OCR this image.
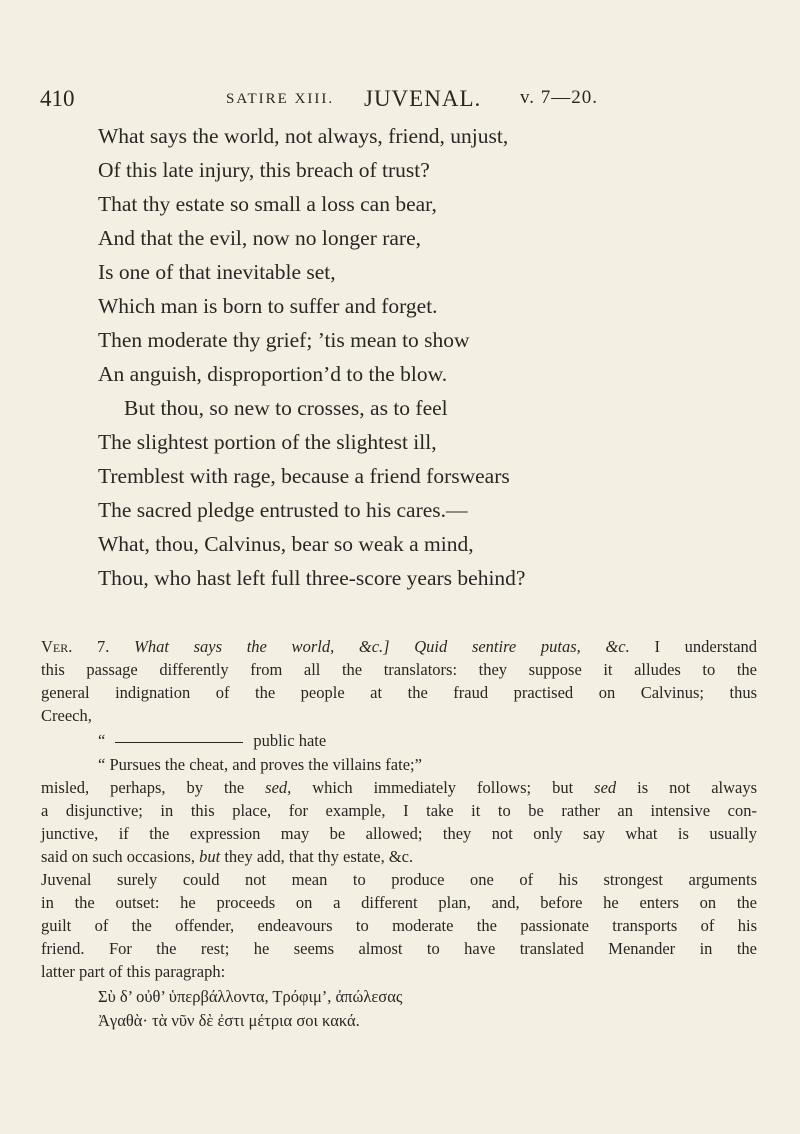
410	SATIRE XIII. JUVENAL. v. 7—20.
What says the world, not always, friend, unjust,
Of this late injury, this breach of trust?
That thy estate so small a loss can bear,
And that the evil, now no longer rare,
Is one of that inevitable set,
Which man is born to suffer and forget.
Then moderate thy grief; ’tis mean to show
An anguish, disproportion’d to the blow.
But thou, so new to crosses, as to feel
The slightest portion of the slightest ill,
Tremblest with rage, because a friend forswears
The sacred pledge entrusted to his cares.—
What, thou, Calvinus, bear so weak a mind,
Thou, who hast left full three-score years behind?
Ver. 7. What says the world, &c.] Quid sentire putas, &c. I understand
this passage differently from all the translators: they suppose it alludes to the
general indignation of the people at the fraud practised on Calvinus; thus
Creech,
“	public hate
“ Pursues the cheat, and proves the villains fate;”
misled, perhaps, by the sed, which immediately follows; but sed is not always
a disjunctive; in this place, for example, I take it to be rather an intensive con-
junctive, if the expression may be allowed; they not only say what is usually
said on such occasions, but they add, that thy estate, &c.
Juvenal surely could not mean to produce one of his strongest arguments
in the outset: he proceeds on a different plan, and, before he enters on the
guilt of the offender, endeavours to moderate the passionate transports of his
friend. For the rest; he seems almost to have translated Menander in the
latter part of this paragraph:
Σὺ δ’ οὐθ’ ὑπερβάλλοντα, Τρόφιμ’, ἀπώλεσας
Ἀγαθὰ· τὰ νῦν δὲ ἐστι μέτρια σοι κακά.
